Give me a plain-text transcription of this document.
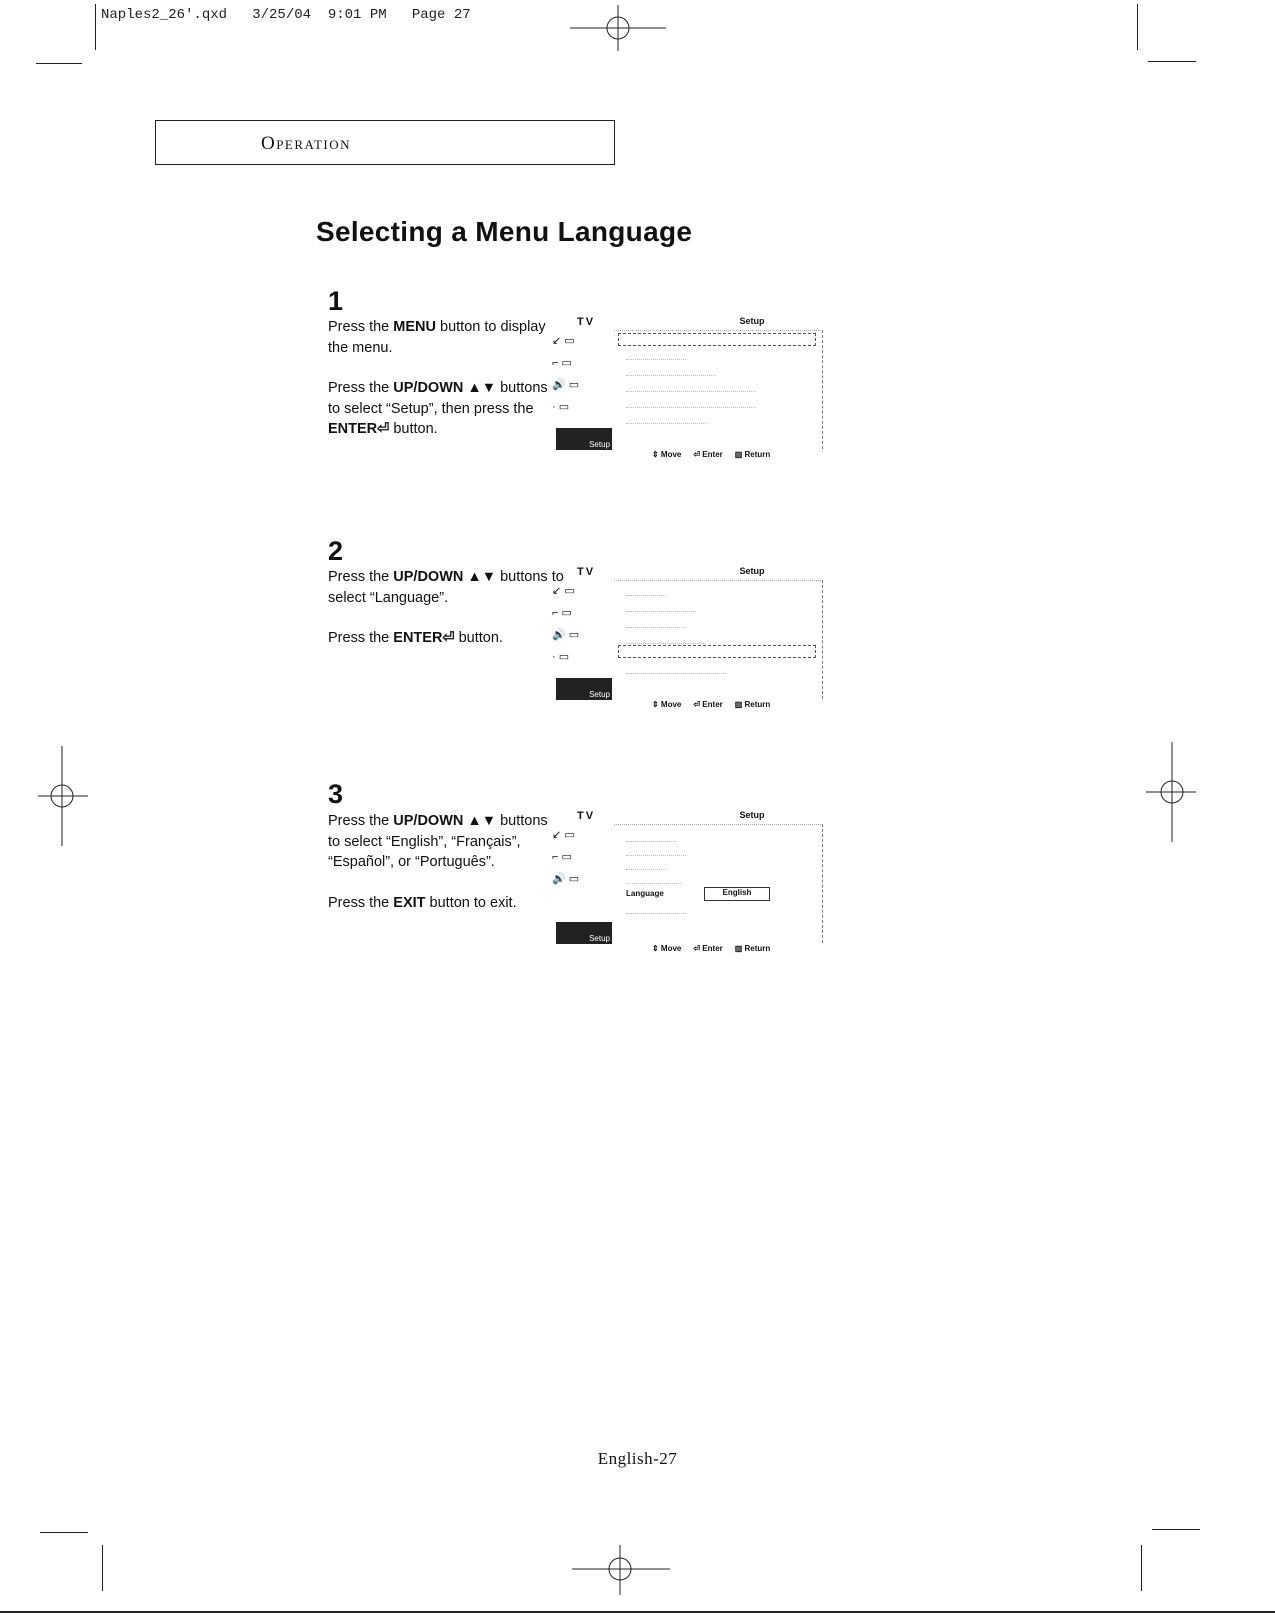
Naples2_26'.qxd   3/25/04  9:01 PM   Page 27
Operation
Selecting a Menu Language
1

Press the MENU button to display the menu.

Press the UP/DOWN ▲▼ buttons to select “Setup”, then press the ENTER⏎ button.

TV	Setup
↙ ▭
⌐ ▭
🔊 ▭
· ▭
Setup
⇕ Move ⏎ Enter ▥ Return
2

Press the UP/DOWN ▲▼ buttons to select “Language”.

Press the ENTER⏎ button.

TV	Setup
↙ ▭
⌐ ▭
🔊 ▭
· ▭
Setup
⇕ Move ⏎ Enter ▥ Return
3

Press the UP/DOWN ▲▼ buttons to select “English”, “Français”, “Español”, or “Português”.

Press the EXIT button to exit.

TV	Setup
↙ ▭
⌐ ▭
🔊 ▭
Setup
Language	English
⇕ Move ⏎ Enter ▥ Return
English-27
